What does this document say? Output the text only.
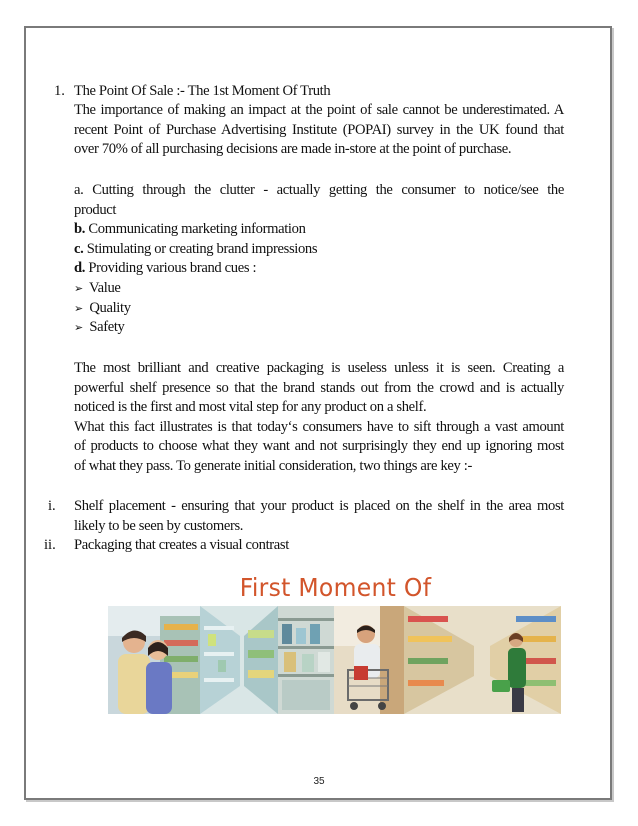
1. The Point Of Sale :- The 1st Moment Of Truth
The importance of making an impact at the point of sale cannot be underestimated. A
recent Point of Purchase Advertising Institute (POPAI) survey in the UK found that
over 70% of all purchasing decisions are made in-store at the point of purchase.
a. Cutting through the clutter - actually getting the consumer to notice/see the
product
b. Communicating marketing information
c. Stimulating or creating brand impressions
d. Providing various brand cues :
➢ Value
➢ Quality
➢ Safety
The most brilliant and creative packaging is useless unless it is seen. Creating a
powerful shelf presence so that the brand stands out from the crowd and is actually
noticed is the first and most vital step for any product on a shelf.
What this fact illustrates is that today‘s consumers have to sift through a vast amount
of products to choose what they want and not surprisingly they end up ignoring most
of what they pass. To generate initial consideration, two things are key :-
i. Shelf placement - ensuring that your product is placed on the shelf in the area most
likely to be seen by customers.
ii. Packaging that creates a visual contrast
First Moment Of
35
